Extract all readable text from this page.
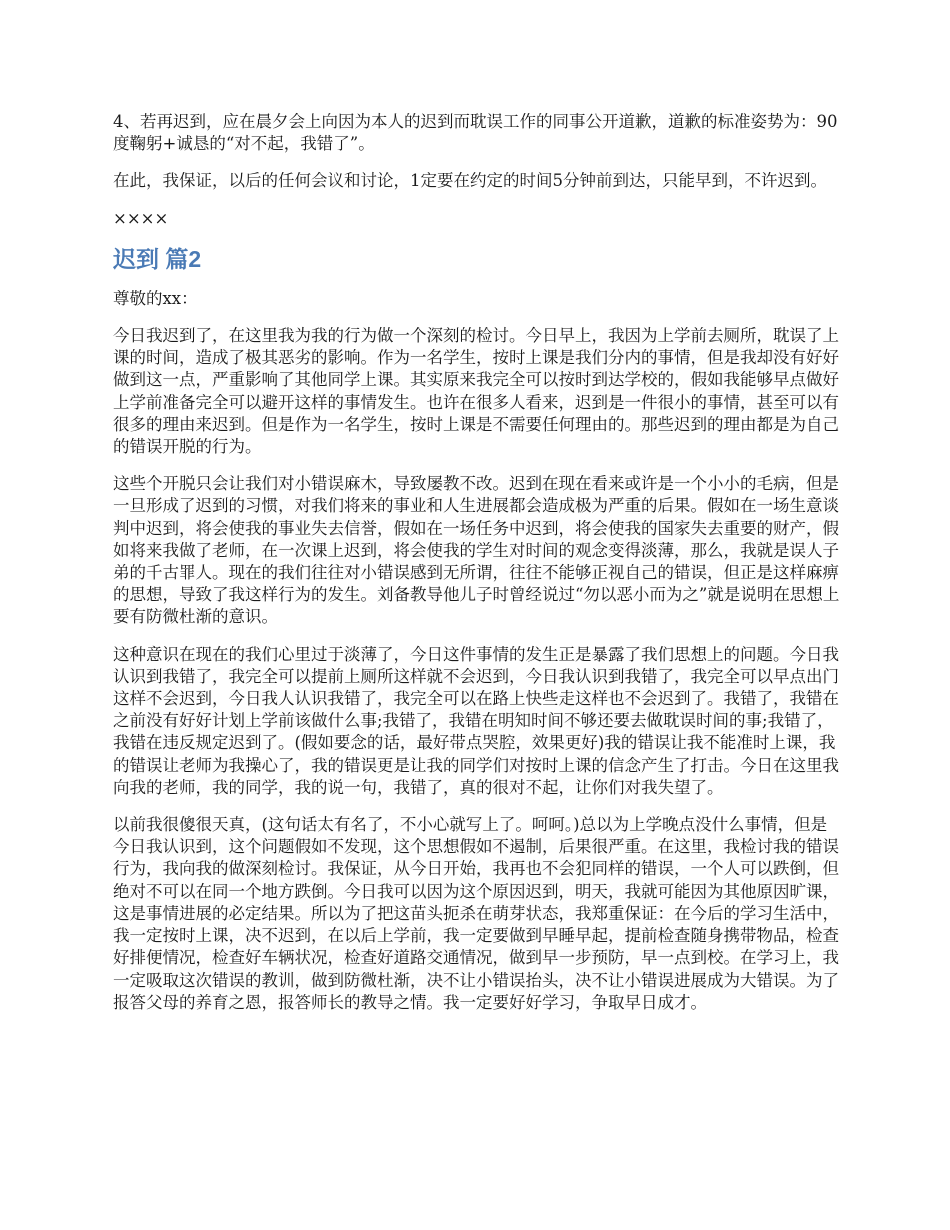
4、若再迟到，应在晨夕会上向因为本人的迟到而耽误工作的同事公开道歉，道歉的标准姿势为：90度鞠躬+诚恳的“对不起，我错了”。

在此，我保证，以后的任何会议和讨论，1定要在约定的时间5分钟前到达，只能早到，不许迟到。

××××

迟到 篇2

尊敬的xx：

今日我迟到了，在这里我为我的行为做一个深刻的检讨。今日早上，我因为上学前去厕所，耽误了上课的时间，造成了极其恶劣的影响。作为一名学生，按时上课是我们分内的事情，但是我却没有好好做到这一点，严重影响了其他同学上课。其实原来我完全可以按时到达学校的，假如我能够早点做好上学前准备完全可以避开这样的事情发生。也许在很多人看来，迟到是一件很小的事情，甚至可以有很多的理由来迟到。但是作为一名学生，按时上课是不需要任何理由的。那些迟到的理由都是为自己的错误开脱的行为。

这些个开脱只会让我们对小错误麻木，导致屡教不改。迟到在现在看来或许是一个小小的毛病，但是一旦形成了迟到的习惯，对我们将来的事业和人生进展都会造成极为严重的后果。假如在一场生意谈判中迟到，将会使我的事业失去信誉，假如在一场任务中迟到，将会使我的国家失去重要的财产，假如将来我做了老师，在一次课上迟到，将会使我的学生对时间的观念变得淡薄，那么，我就是误人子弟的千古罪人。现在的我们往往对小错误感到无所谓，往往不能够正视自己的错误，但正是这样麻痹的思想，导致了我这样行为的发生。刘备教导他儿子时曾经说过“勿以恶小而为之”就是说明在思想上要有防微杜渐的意识。

这种意识在现在的我们心里过于淡薄了，今日这件事情的发生正是暴露了我们思想上的问题。今日我认识到我错了，我完全可以提前上厕所这样就不会迟到，今日我认识到我错了，我完全可以早点出门这样不会迟到，今日我人认识我错了，我完全可以在路上快些走这样也不会迟到了。我错了，我错在之前没有好好计划上学前该做什么事;我错了，我错在明知时间不够还要去做耽误时间的事;我错了，我错在违反规定迟到了。(假如要念的话，最好带点哭腔，效果更好)我的错误让我不能准时上课，我的错误让老师为我操心了，我的错误更是让我的同学们对按时上课的信念产生了打击。今日在这里我向我的老师，我的同学，我的说一句，我错了，真的很对不起，让你们对我失望了。

以前我很傻很天真，(这句话太有名了，不小心就写上了。呵呵。)总以为上学晚点没什么事情，但是今日我认识到，这个问题假如不发现，这个思想假如不遏制，后果很严重。在这里，我检讨我的错误行为，我向我的做深刻检讨。我保证，从今日开始，我再也不会犯同样的错误，一个人可以跌倒，但绝对不可以在同一个地方跌倒。今日我可以因为这个原因迟到，明天，我就可能因为其他原因旷课，这是事情进展的必定结果。所以为了把这苗头扼杀在萌芽状态，我郑重保证：在今后的学习生活中，我一定按时上课，决不迟到，在以后上学前，我一定要做到早睡早起，提前检查随身携带物品，检查好排便情况，检查好车辆状况，检查好道路交通情况，做到早一步预防，早一点到校。在学习上，我一定吸取这次错误的教训，做到防微杜渐，决不让小错误抬头，决不让小错误进展成为大错误。为了报答父母的养育之恩，报答师长的教导之情。我一定要好好学习，争取早日成才。
